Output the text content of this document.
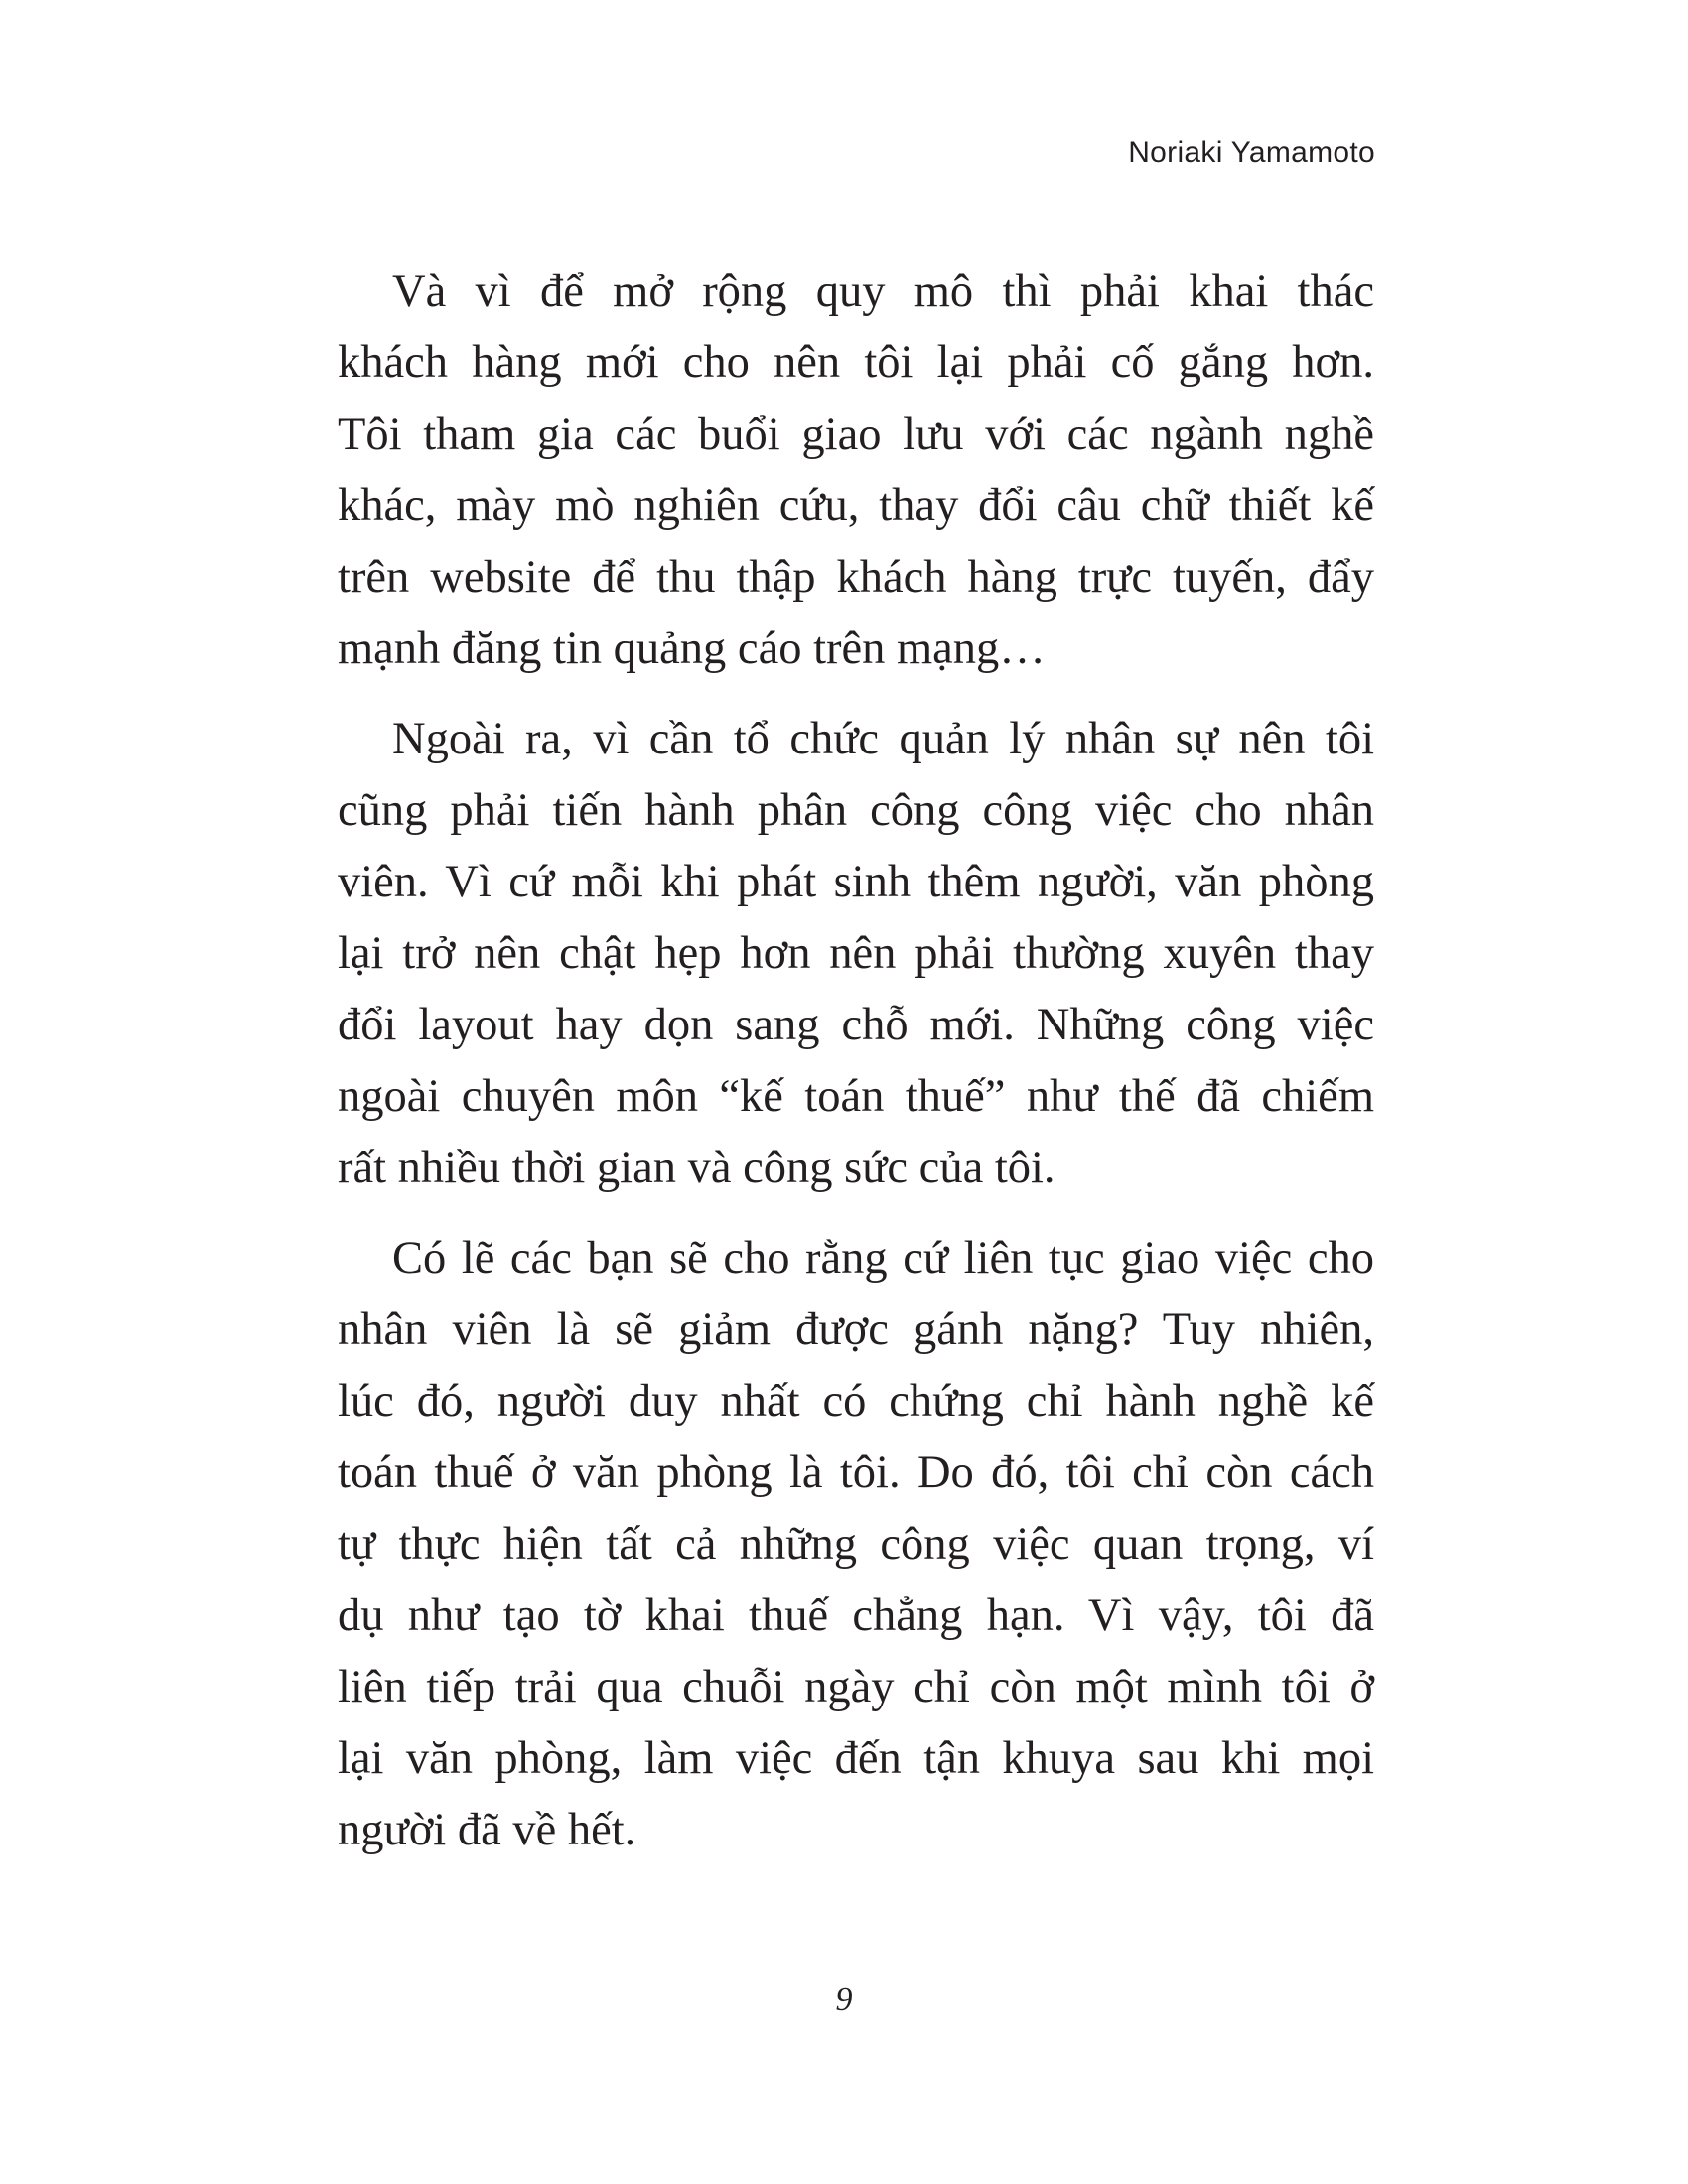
Noriaki Yamamoto

Và vì để mở rộng quy mô thì phải khai thác
khách hàng mới cho nên tôi lại phải cố gắng hơn.
Tôi tham gia các buổi giao lưu với các ngành nghề
khác, mày mò nghiên cứu, thay đổi câu chữ thiết kế
trên website để thu thập khách hàng trực tuyến, đẩy
mạnh đăng tin quảng cáo trên mạng…

Ngoài ra, vì cần tổ chức quản lý nhân sự nên tôi
cũng phải tiến hành phân công công việc cho nhân
viên. Vì cứ mỗi khi phát sinh thêm người, văn phòng
lại trở nên chật hẹp hơn nên phải thường xuyên thay
đổi layout hay dọn sang chỗ mới. Những công việc
ngoài chuyên môn “kế toán thuế” như thế đã chiếm
rất nhiều thời gian và công sức của tôi.

Có lẽ các bạn sẽ cho rằng cứ liên tục giao việc cho
nhân viên là sẽ giảm được gánh nặng? Tuy nhiên,
lúc đó, người duy nhất có chứng chỉ hành nghề kế
toán thuế ở văn phòng là tôi. Do đó, tôi chỉ còn cách
tự thực hiện tất cả những công việc quan trọng, ví
dụ như tạo tờ khai thuế chẳng hạn. Vì vậy, tôi đã
liên tiếp trải qua chuỗi ngày chỉ còn một mình tôi ở
lại văn phòng, làm việc đến tận khuya sau khi mọi
người đã về hết.

9
